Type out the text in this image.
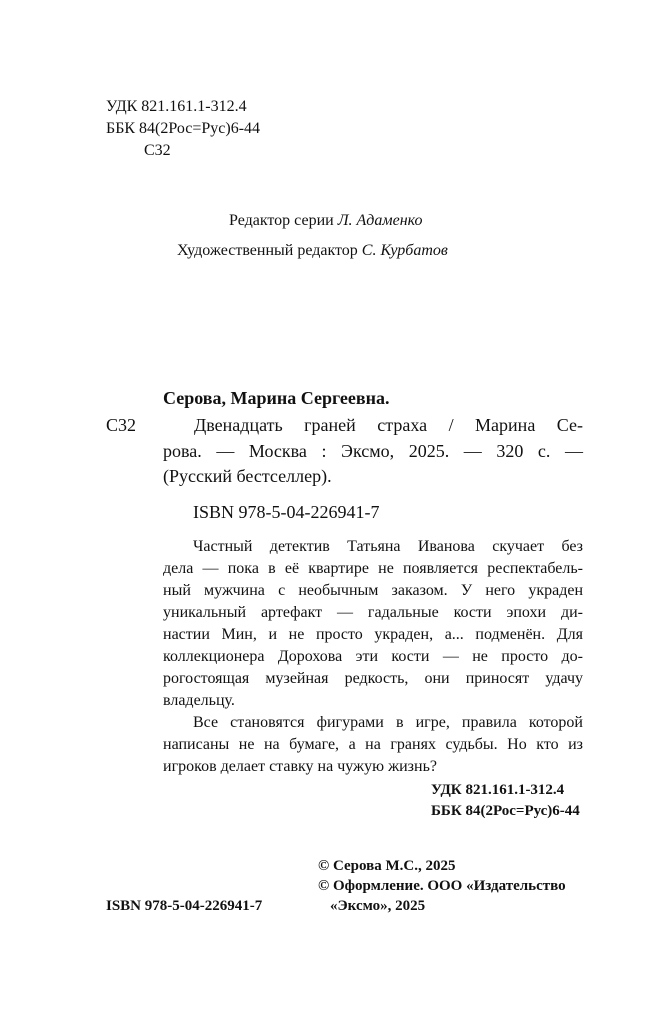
УДК 821.161.1-312.4
ББК 84(2Рос=Рус)6-44
С32
Редактор серии Л. Адаменко
Художественный редактор С. Курбатов
Серова, Марина Сергеевна.
С32	Двенадцать граней страха / Марина Се-
рова. — Москва : Эксмо, 2025. — 320 с. —
(Русский бестселлер).
ISBN 978-5-04-226941-7
Частный детектив Татьяна Иванова скучает без
дела — пока в её квартире не появляется респектабель-
ный мужчина с необычным заказом. У него украден
уникальный артефакт — гадальные кости эпохи ди-
настии Мин, и не просто украден, а... подменён. Для
коллекционера Дорохова эти кости — не просто до-
рогостоящая музейная редкость, они приносят удачу
владельцу.
Все становятся фигурами в игре, правила которой
написаны не на бумаге, а на гранях судьбы. Но кто из
игроков делает ставку на чужую жизнь?
УДК 821.161.1-312.4
ББК 84(2Рос=Рус)6-44
© Серова М.С., 2025
© Оформление. ООО «Издательство
«Эксмо», 2025
ISBN 978-5-04-226941-7
